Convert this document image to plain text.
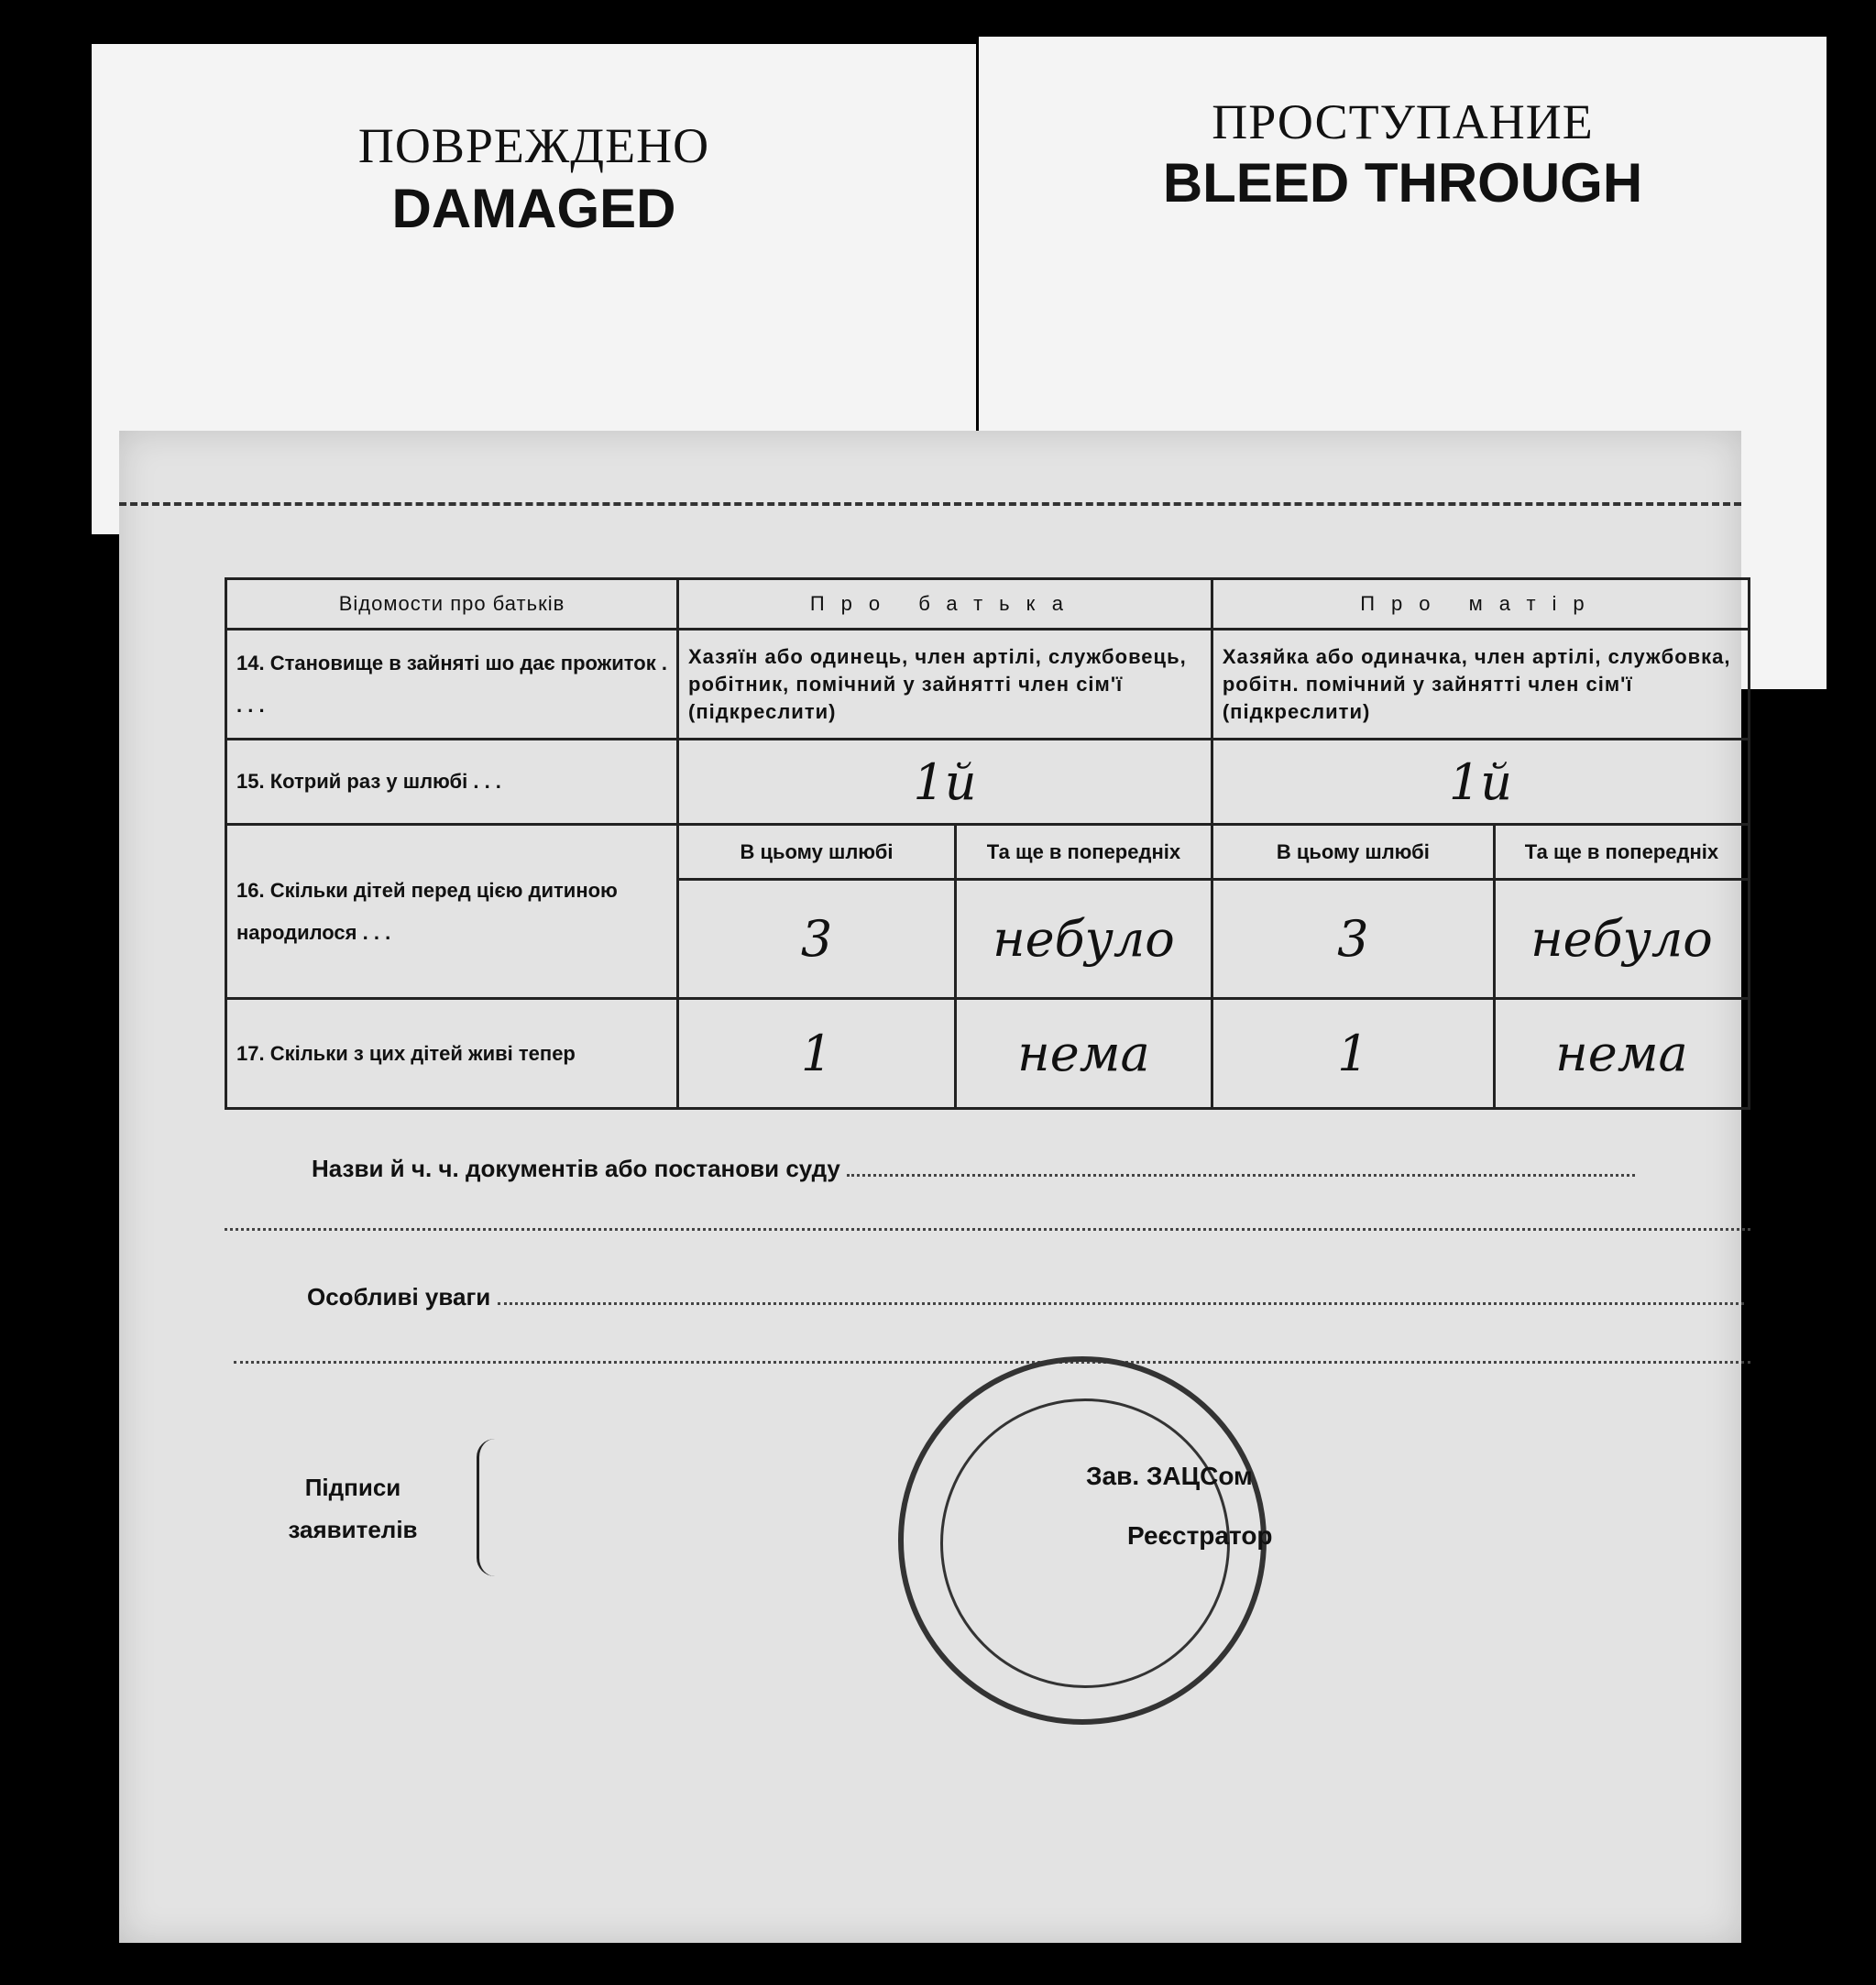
ПОВРЕЖДЕНО
DAMAGED
ПРОСТУПАНИЕ
BLEED THROUGH
Відомости про батьків	Про батька		Про матір	
14. Становище в зайняті шо дає прожиток . . . .	Хазяїн або одинець, член артілі, службовець, робітник, помічний у зайнятті член сім'ї (підкреслити)		Хазяйка або одиначка, член артілі, службовка, робітн. помічний у зайнятті член сім'ї (підкреслити)	
15. Котрий раз у шлюбі . . .	1й		1й	
16. Скільки дітей перед цією дитиною народилося . . .	В цьому шлюбі	Та ще в попередніх	В цьому шлюбі	Та ще в попередніх
	3	небуло	3	небуло
17. Скільки з цих дітей живі тепер	1	нема	1	нема
Назви й ч. ч. документів або постанови суду
Особливі уваги
Підписи заявителів
Зав. ЗАЦСом
Реєстратор
